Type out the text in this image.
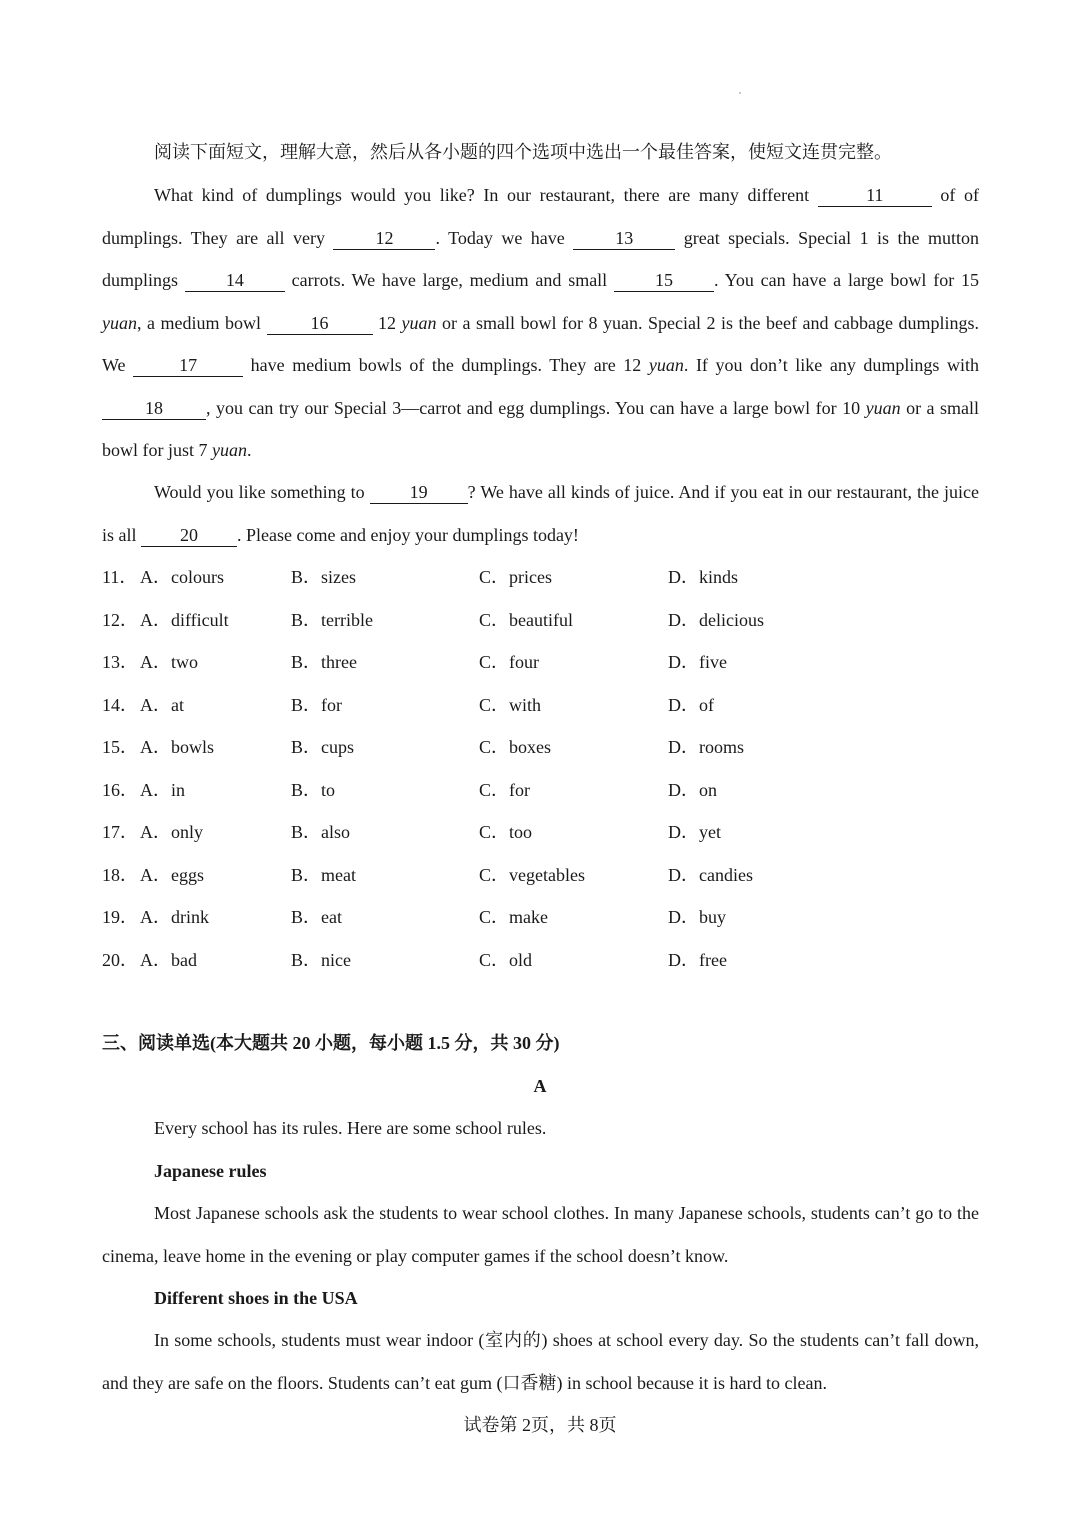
阅读下面短文，理解大意，然后从各小题的四个选项中选出一个最佳答案，使短文连贯完整。
What kind of dumplings would you like? In our restaurant, there are many different	11	of of dumplings. They are all very 12 . Today we have 13 great specials. Special 1 is the mutton dumplings 14 carrots. We have large, medium and small 15 . You can have a large bowl for 15 yuan, a medium bowl 16 12 yuan or a small bowl for 8 yuan. Special 2 is the beef and cabbage dumplings. We	17	have medium bowls of the dumplings. They are 12 yuan. If you don’t like any dumplings with 18 , you can try our Special 3—carrot and egg dumplings. You can have a large bowl for 10 yuan or a small bowl for just 7 yuan.
Would you like something to 19 ? We have all kinds of juice. And if you eat in our restaurant, the juice is all 20 . Please come and enjoy your dumplings today!
11． A．colours	B．sizes	C．prices	D．kinds
12． A．difficult	B．terrible	C．beautiful	D．delicious
13． A．two	B．three	C．four	D．five
14． A．at	B．for	C．with	D．of
15． A．bowls	B．cups	C．boxes	D．rooms
16． A．in	B．to	C．for	D．on
17． A．only	B．also	C．too	D．yet
18． A．eggs	B．meat	C．vegetables	D．candies
19． A．drink	B．eat	C．make	D．buy
20． A．bad	B．nice	C．old	D．free
三、阅读单选(本大题共 20 小题，每小题 1.5 分，共 30 分)
A
Every school has its rules. Here are some school rules.
Japanese rules
Most Japanese schools ask the students to wear school clothes. In many Japanese schools, students can’t go to the cinema, leave home in the evening or play computer games if the school doesn’t know.
Different shoes in the USA
In some schools, students must wear indoor (室内的) shoes at school every day. So the students can’t fall down, and they are safe on the floors. Students can’t eat gum (口香糖) in school because it is hard to clean.
试卷第 2页，共 8页
